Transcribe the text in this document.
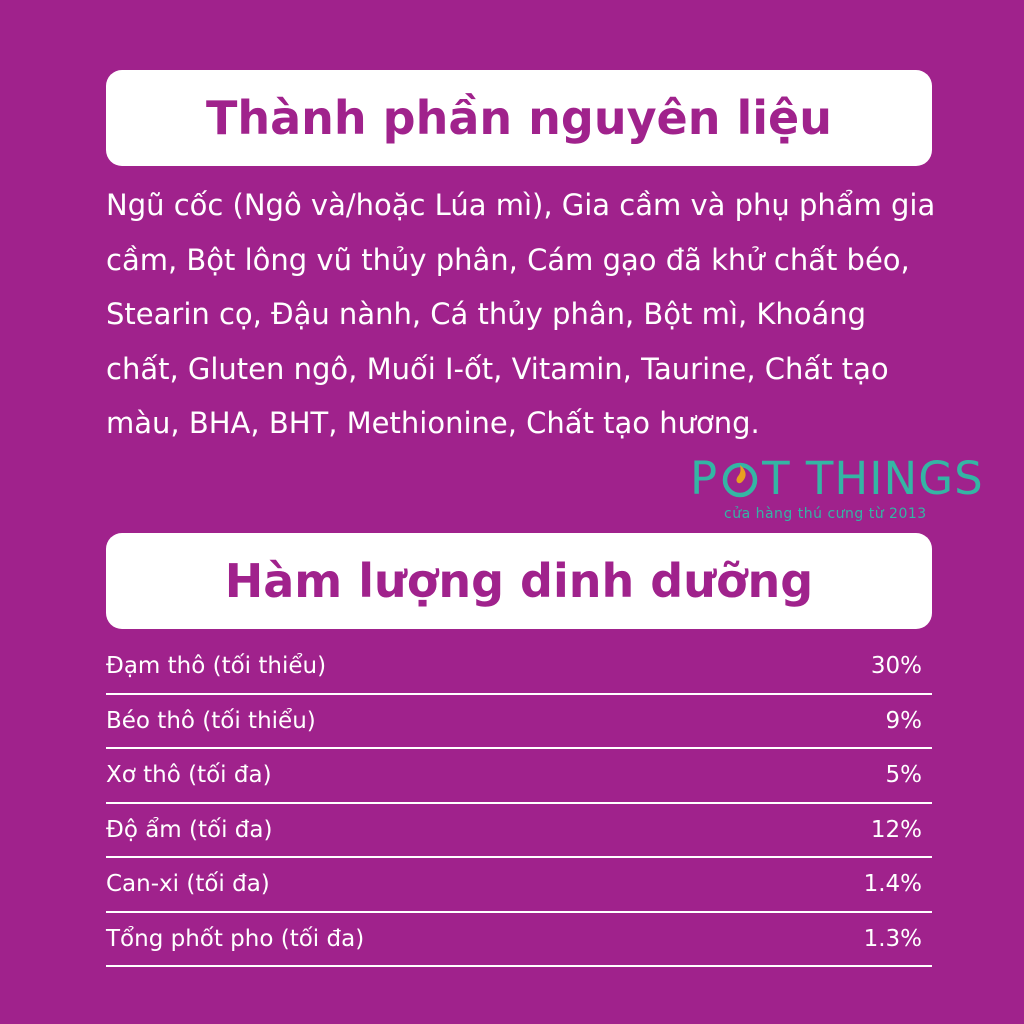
Thành phần nguyên liệu

Ngũ cốc (Ngô và/hoặc Lúa mì), Gia cầm và phụ phẩm gia cầm, Bột lông vũ thủy phân, Cám gạo đã khử chất béo, Stearin cọ, Đậu nành, Cá thủy phân, Bột mì, Khoáng chất, Gluten ngô, Muối I-ốt, Vitamin, Taurine, Chất tạo màu, BHA, BHT, Methionine, Chất tạo hương.

P T THINGS
cửa hàng thú cưng từ 2013
Hàm lượng dinh dưỡng
Đạm thô (tối thiểu)	30%
Béo thô (tối thiểu)	9%
Xơ thô (tối đa)	5%
Độ ẩm (tối đa)	12%
Can-xi (tối đa)	1.4%
Tổng phốt pho (tối đa)	1.3%
